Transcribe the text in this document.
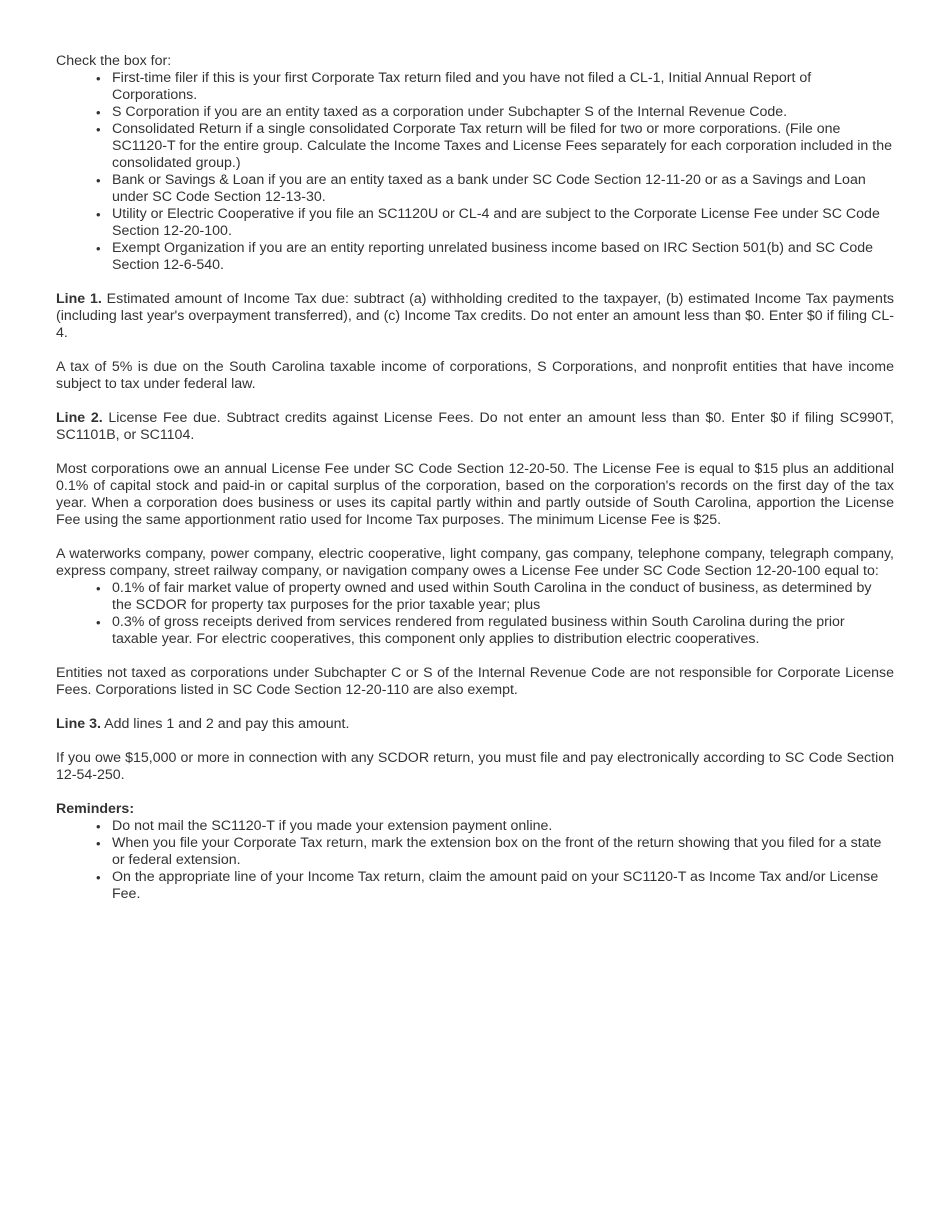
Check the box for:

• First-time filer if this is your first Corporate Tax return filed and you have not filed a CL-1, Initial Annual Report of Corporations.
• S Corporation if you are an entity taxed as a corporation under Subchapter S of the Internal Revenue Code.
• Consolidated Return if a single consolidated Corporate Tax return will be filed for two or more corporations. (File one SC1120-T for the entire group. Calculate the Income Taxes and License Fees separately for each corporation included in the consolidated group.)
• Bank or Savings & Loan if you are an entity taxed as a bank under SC Code Section 12-11-20 or as a Savings and Loan under SC Code Section 12-13-30.
• Utility or Electric Cooperative if you file an SC1120U or CL-4 and are subject to the Corporate License Fee under SC Code Section 12-20-100.
• Exempt Organization if you are an entity reporting unrelated business income based on IRC Section 501(b) and SC Code Section 12-6-540.

Line 1. Estimated amount of Income Tax due: subtract (a) withholding credited to the taxpayer, (b) estimated Income Tax payments (including last year's overpayment transferred), and (c) Income Tax credits. Do not enter an amount less than $0. Enter $0 if filing CL-4.

A tax of 5% is due on the South Carolina taxable income of corporations, S Corporations, and nonprofit entities that have income subject to tax under federal law.

Line 2. License Fee due. Subtract credits against License Fees. Do not enter an amount less than $0. Enter $0 if filing SC990T, SC1101B, or SC1104.

Most corporations owe an annual License Fee under SC Code Section 12-20-50. The License Fee is equal to $15 plus an additional 0.1% of capital stock and paid-in or capital surplus of the corporation, based on the corporation's records on the first day of the tax year. When a corporation does business or uses its capital partly within and partly outside of South Carolina, apportion the License Fee using the same apportionment ratio used for Income Tax purposes. The minimum License Fee is $25.

A waterworks company, power company, electric cooperative, light company, gas company, telephone company, telegraph company, express company, street railway company, or navigation company owes a License Fee under SC Code Section 12-20-100 equal to:

• 0.1% of fair market value of property owned and used within South Carolina in the conduct of business, as determined by the SCDOR for property tax purposes for the prior taxable year; plus
• 0.3% of gross receipts derived from services rendered from regulated business within South Carolina during the prior taxable year. For electric cooperatives, this component only applies to distribution electric cooperatives.

Entities not taxed as corporations under Subchapter C or S of the Internal Revenue Code are not responsible for Corporate License Fees. Corporations listed in SC Code Section 12-20-110 are also exempt.

Line 3. Add lines 1 and 2 and pay this amount.

If you owe $15,000 or more in connection with any SCDOR return, you must file and pay electronically according to SC Code Section 12-54-250.

Reminders:

• Do not mail the SC1120-T if you made your extension payment online.
• When you file your Corporate Tax return, mark the extension box on the front of the return showing that you filed for a state or federal extension.
• On the appropriate line of your Income Tax return, claim the amount paid on your SC1120-T as Income Tax and/or License Fee.
